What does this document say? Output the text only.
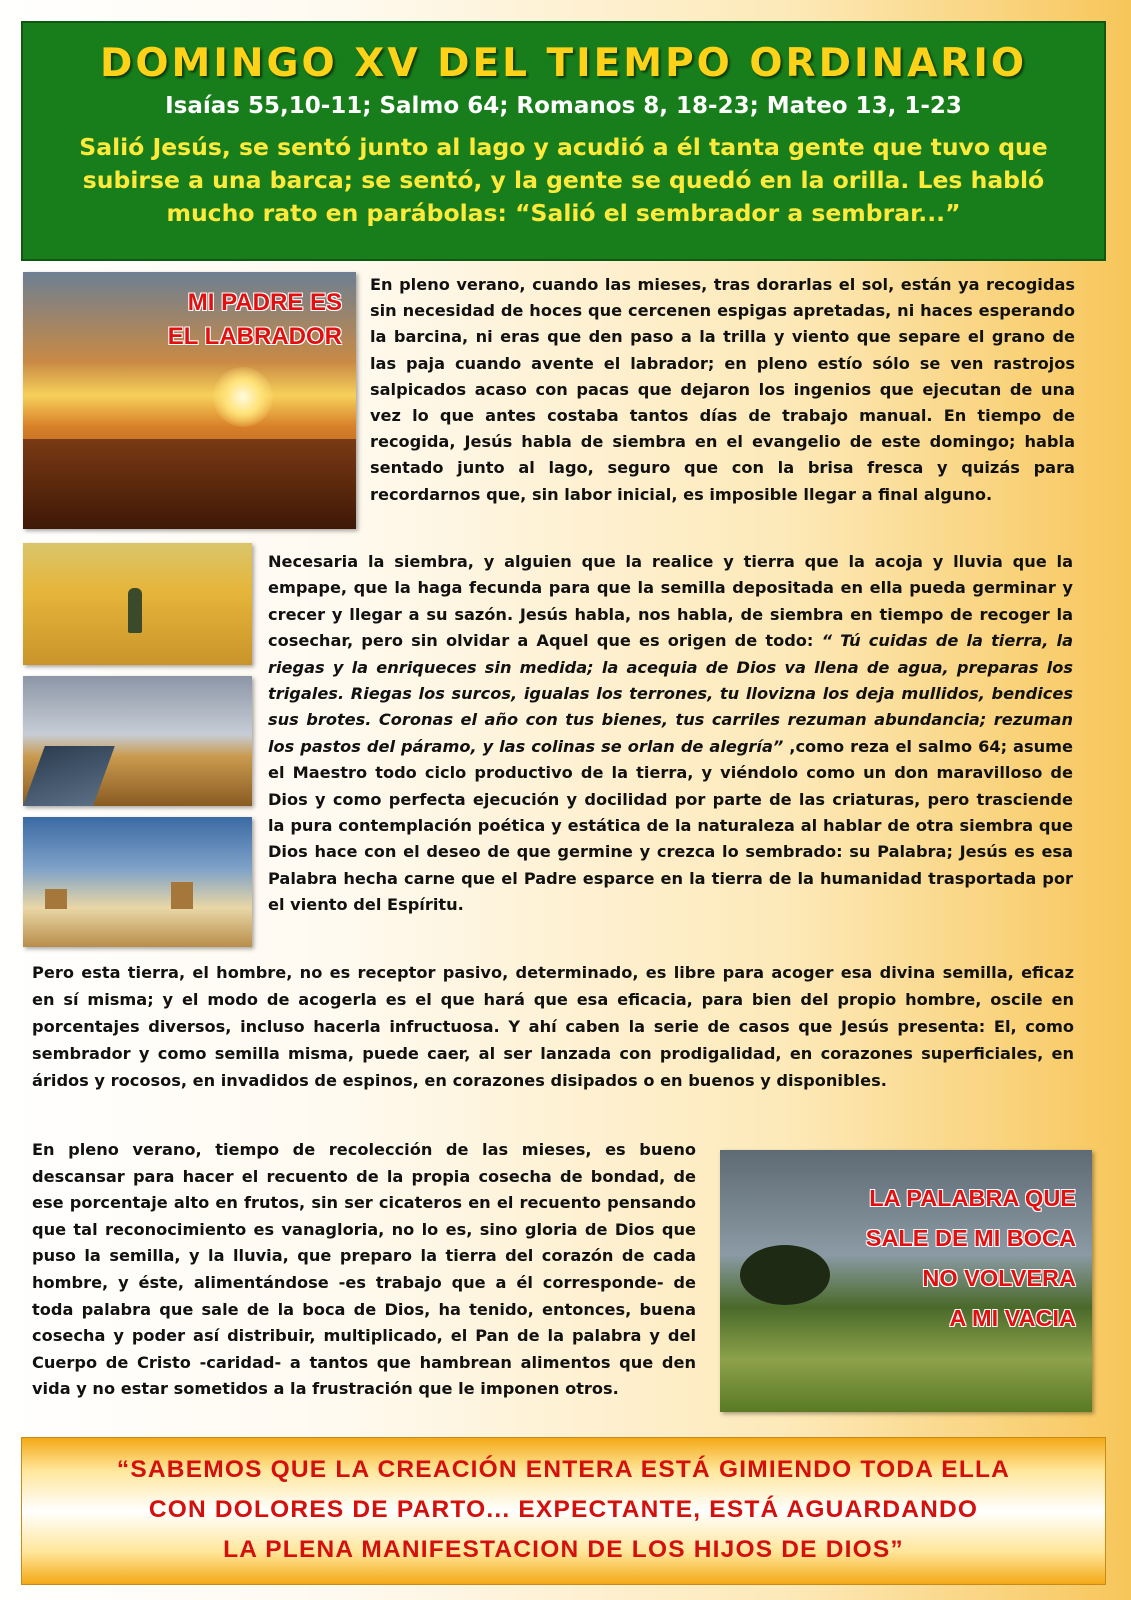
DOMINGO XV DEL TIEMPO ORDINARIO
Isaías 55,10-11; Salmo 64; Romanos 8, 18-23; Mateo 13, 1-23
Salió Jesús, se sentó junto al lago y acudió a él tanta gente que tuvo que subirse a una barca; se sentó, y la gente se quedó en la orilla. Les habló mucho rato en parábolas: “Salió el sembrador a sembrar...”
MI PADRE ES
EL LABRADOR

En pleno verano, cuando las mieses, tras dorarlas el sol, están ya recogidas sin necesidad de hoces que cercenen espigas apretadas, ni haces esperando la barcina, ni eras que den paso a la trilla y viento que separe el grano de las paja cuando avente el labrador; en pleno estío sólo se ven rastrojos salpicados acaso con pacas que dejaron los ingenios que ejecutan de una vez lo que antes costaba tantos días de trabajo manual. En tiempo de recogida, Jesús habla de siembra en el evangelio de este domingo; habla sentado junto al lago, seguro que con la brisa fresca y quizás para recordarnos que, sin labor inicial, es imposible llegar a final alguno.

Necesaria la siembra, y alguien que la realice y tierra que la acoja y lluvia que la empape, que la haga fecunda para que la semilla depositada en ella pueda germinar y crecer y llegar a su sazón. Jesús habla, nos habla, de siembra en tiempo de recoger la cosechar, pero sin olvidar a Aquel que es origen de todo: “ Tú cuidas de la tierra, la riegas y la enriqueces sin medida; la acequia de Dios va llena de agua, preparas los trigales. Riegas los surcos, igualas los terrones, tu llovizna los deja mullidos, bendices sus brotes. Coronas el año con tus bienes, tus carriles rezuman abundancia; rezuman los pastos del páramo, y las colinas se orlan de alegría” ,como reza el salmo 64; asume el Maestro todo ciclo productivo de la tierra, y viéndolo como un don maravilloso de Dios y como perfecta ejecución y docilidad por parte de las criaturas, pero trasciende la pura contemplación poética y estática de la naturaleza al hablar de otra siembra que Dios hace con el deseo de que germine y crezca lo sembrado: su Palabra; Jesús es esa Palabra hecha carne que el Padre esparce en la tierra de la humanidad trasportada por el viento del Espíritu.

Pero esta tierra, el hombre, no es receptor pasivo, determinado, es libre para acoger esa divina semilla, eficaz en sí misma; y el modo de acogerla es el que hará que esa eficacia, para bien del propio hombre, oscile en porcentajes diversos, incluso hacerla infructuosa. Y ahí caben la serie de casos que Jesús presenta: El, como sembrador y como semilla misma, puede caer, al ser lanzada con prodigalidad, en corazones superficiales, en áridos y rocosos, en invadidos de espinos, en corazones disipados o en buenos y disponibles.

En pleno verano, tiempo de recolección de las mieses, es bueno descansar para hacer el recuento de la propia cosecha de bondad, de ese porcentaje alto en frutos, sin ser cicateros en el recuento pensando que tal reconocimiento es vanagloria, no lo es, sino gloria de Dios que puso la semilla, y la lluvia, que preparo la tierra del corazón de cada hombre, y éste, alimentándose -es trabajo que a él corresponde- de toda palabra que sale de la boca de Dios, ha tenido, entonces, buena cosecha y poder así distribuir, multiplicado, el Pan de la palabra y del Cuerpo de Cristo -caridad- a tantos que hambrean alimentos que den vida y no estar sometidos a la frustración que le imponen otros.

LA PALABRA QUE
SALE DE MI BOCA
NO VOLVERA
A MI VACIA
“SABEMOS QUE LA CREACIÓN ENTERA ESTÁ GIMIENDO TODA ELLA
CON DOLORES DE PARTO... EXPECTANTE, ESTÁ AGUARDANDO
LA PLENA MANIFESTACION DE LOS HIJOS DE DIOS”
